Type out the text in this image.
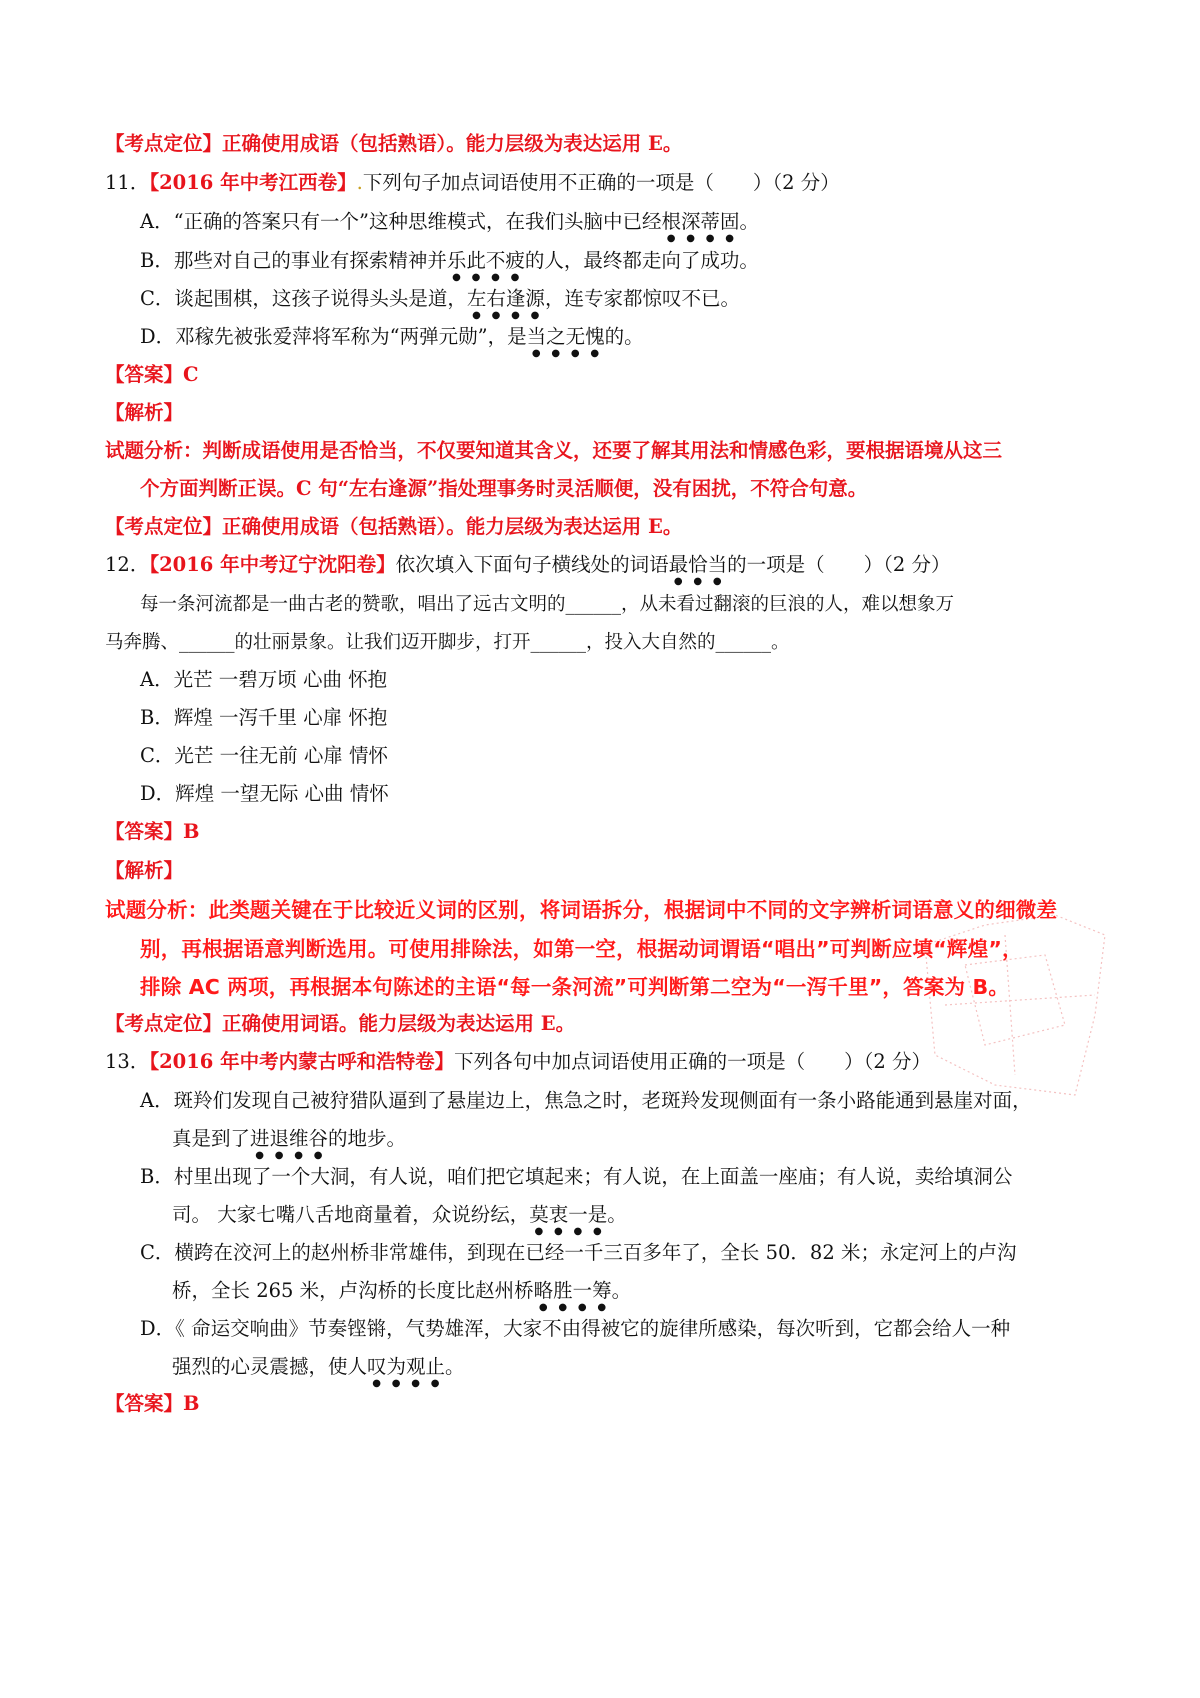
【考点定位】正确使用成语（包括熟语）。能力层级为表达运用 E。
11．【2016 年中考江西卷】.下列句子加点词语使用不正确的一项是（　　）（2 分）
A．“正确的答案只有一个”这种思维模式，在我们头脑中已经根深蒂固。
B．那些对自己的事业有探索精神并乐此不疲的人，最终都走向了成功。
C．谈起围棋，这孩子说得头头是道，左右逢源，连专家都惊叹不已。
D．邓稼先被张爱萍将军称为“两弹元勋”，是当之无愧的。
【答案】C
【解析】
试题分析：判断成语使用是否恰当，不仅要知道其含义，还要了解其用法和情感色彩，要根据语境从这三
个方面判断正误。C 句“左右逢源”指处理事务时灵活顺便，没有困扰，不符合句意。
【考点定位】正确使用成语（包括熟语）。能力层级为表达运用 E。
12．【2016 年中考辽宁沈阳卷】依次填入下面句子横线处的词语最恰当的一项是（　　）（2 分）
每一条河流都是一曲古老的赞歌，唱出了远古文明的______，从未看过翻滚的巨浪的人，难以想象万
马奔腾、______的壮丽景象。让我们迈开脚步，打开______，投入大自然的______。
A．光芒 一碧万顷 心曲 怀抱
B．辉煌 一泻千里 心扉 怀抱
C．光芒 一往无前 心扉 情怀
D．辉煌 一望无际 心曲 情怀
【答案】B
【解析】
试题分析：此类题关键在于比较近义词的区别，将词语拆分，根据词中不同的文字辨析词语意义的细微差
别，再根据语意判断选用。可使用排除法，如第一空，根据动词谓语“唱出”可判断应填“辉煌”，
排除 AC 两项，再根据本句陈述的主语“每一条河流”可判断第二空为“一泻千里”，答案为 B。
【考点定位】正确使用词语。能力层级为表达运用 E。
13．【2016 年中考内蒙古呼和浩特卷】下列各句中加点词语使用正确的一项是（　　）（2 分）
A．斑羚们发现自己被狩猎队逼到了悬崖边上，焦急之时，老斑羚发现侧面有一条小路能通到悬崖对面，
真是到了进退维谷的地步。
B．村里出现了一个大洞，有人说，咱们把它填起来；有人说，在上面盖一座庙；有人说，卖给填洞公
司。 大家七嘴八舌地商量着，众说纷纭，莫衷一是。
C．横跨在洨河上的赵州桥非常雄伟，到现在已经一千三百多年了，全长 50．82 米；永定河上的卢沟
桥，全长 265 米，卢沟桥的长度比赵州桥略胜一筹。
D．《 命运交响曲》节奏铿锵，气势雄浑，大家不由得被它的旋律所感染，每次听到，它都会给人一种
强烈的心灵震撼，使人叹为观止。
【答案】B
